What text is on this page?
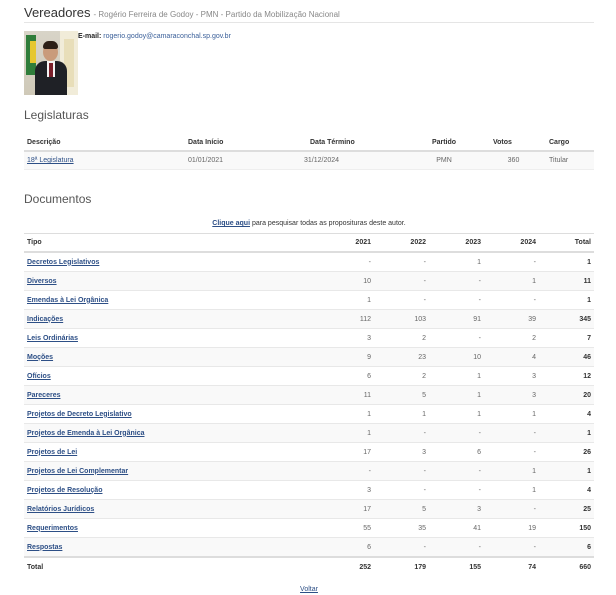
Vereadores - Rogério Ferreira de Godoy - PMN - Partido da Mobilização Nacional
E-mail: rogerio.godoy@camaraconchal.sp.gov.br
Legislaturas
Descrição	Data Início	Data Término	Partido	Votos	Cargo
18ª Legislatura	01/01/2021	31/12/2024	PMN	360	Titular
Documentos
Clique aqui para pesquisar todas as proposituras deste autor.
Tipo	2021	2022	2023	2024	Total
Decretos Legislativos	-	-	1	-	1
Diversos	10	-	-	1	11
Emendas à Lei Orgânica	1	-	-	-	1
Indicações	112	103	91	39	345
Leis Ordinárias	3	2	-	2	7
Moções	9	23	10	4	46
Ofícios	6	2	1	3	12
Pareceres	11	5	1	3	20
Projetos de Decreto Legislativo	1	1	1	1	4
Projetos de Emenda à Lei Orgânica	1	-	-	-	1
Projetos de Lei	17	3	6	-	26
Projetos de Lei Complementar	-	-	-	1	1
Projetos de Resolução	3	-	-	1	4
Relatórios Jurídicos	17	5	3	-	25
Requerimentos	55	35	41	19	150
Respostas	6	-	-	-	6
Total	252	179	155	74	660
Voltar
